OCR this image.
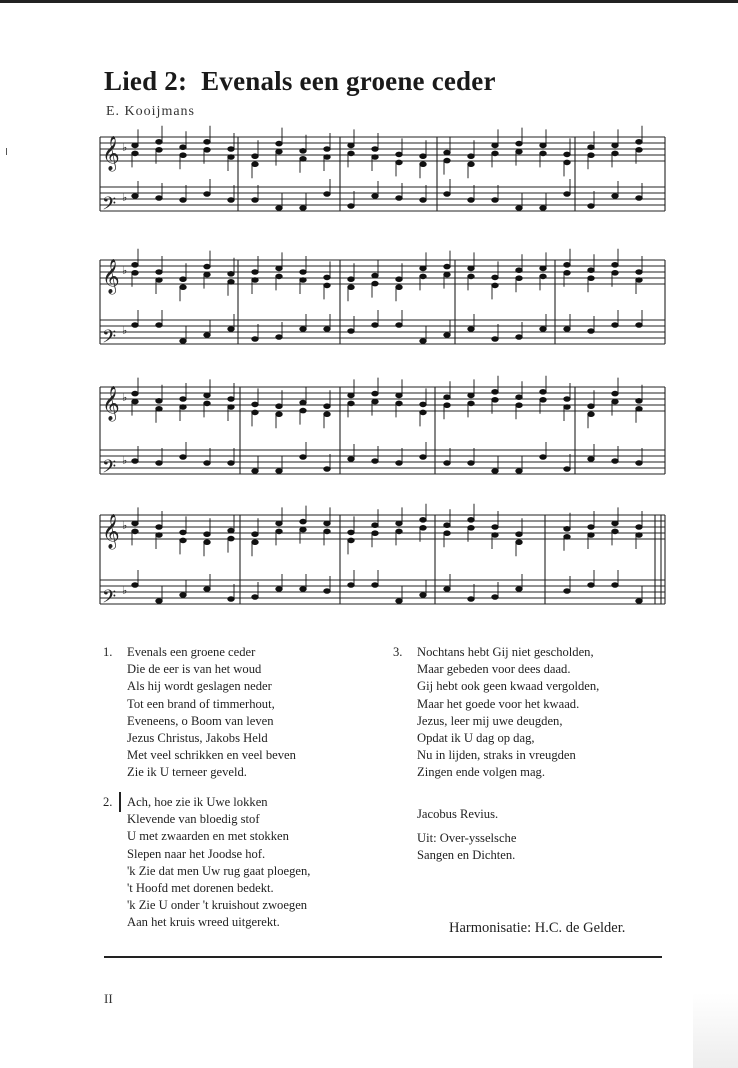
Lied 2: Evenals een groene ceder
E. Kooijmans
𝄞 ♭
𝄢 ♭
𝄞 ♭
𝄢 ♭
𝄞 ♭
𝄢 ♭
𝄞 ♭
𝄢 ♭
1. Evenals een groene ceder
Die de eer is van het woud
Als hij wordt geslagen neder
Tot een brand of timmerhout,
Eveneens, o Boom van leven
Jezus Christus, Jakobs Held
Met veel schrikken en veel beven
Zie ik U terneer geveld.
2. Ach, hoe zie ik Uwe lokken
Klevende van bloedig stof
U met zwaarden en met stokken
Slepen naar het Joodse hof.
'k Zie dat men Uw rug gaat ploegen,
't Hoofd met dorenen bedekt.
'k Zie U onder 't kruishout zwoegen
Aan het kruis wreed uitgerekt.
3. Nochtans hebt Gij niet gescholden,
Maar gebeden voor dees daad.
Gij hebt ook geen kwaad vergolden,
Maar het goede voor het kwaad.
Jezus, leer mij uwe deugden,
Opdat ik U dag op dag,
Nu in lijden, straks in vreugden
Zingen ende volgen mag.
Jacobus Revius.
Uit: Over-ysselsche
Sangen en Dichten.
Harmonisatie: H.C. de Gelder.
II
